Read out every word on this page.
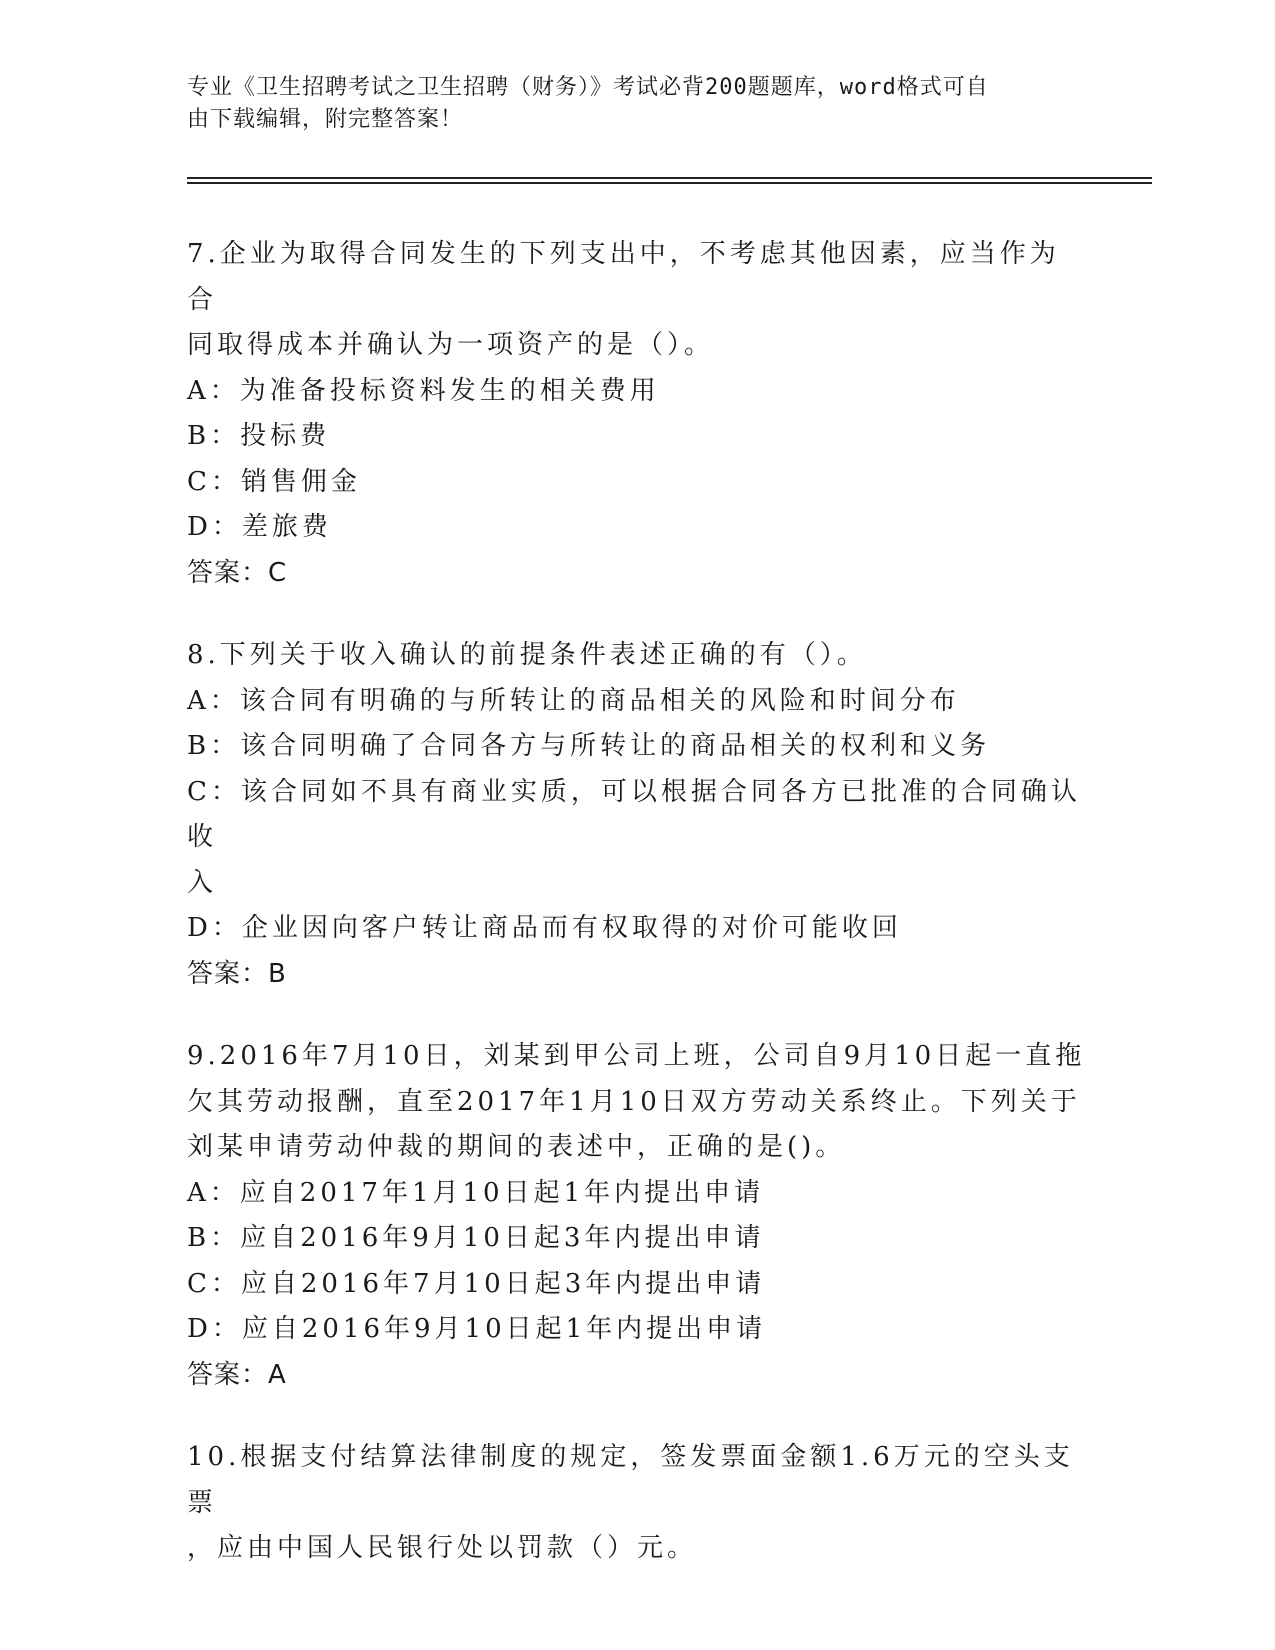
专业《卫生招聘考试之卫生招聘（财务）》考试必背200题题库，word格式可自
由下载编辑，附完整答案！
7.企业为取得合同发生的下列支出中，不考虑其他因素，应当作为合
同取得成本并确认为一项资产的是（）。
A：为准备投标资料发生的相关费用
B：投标费
C：销售佣金
D：差旅费
答案：C
8.下列关于收入确认的前提条件表述正确的有（）。
A：该合同有明确的与所转让的商品相关的风险和时间分布
B：该合同明确了合同各方与所转让的商品相关的权利和义务
C：该合同如不具有商业实质，可以根据合同各方已批准的合同确认收
入
D：企业因向客户转让商品而有权取得的对价可能收回
答案：B
9.2016年7月10日，刘某到甲公司上班，公司自9月10日起一直拖
欠其劳动报酬，直至2017年1月10日双方劳动关系终止。下列关于
刘某申请劳动仲裁的期间的表述中，正确的是()。
A：应自2017年1月10日起1年内提出申请
B：应自2016年9月10日起3年内提出申请
C：应自2016年7月10日起3年内提出申请
D：应自2016年9月10日起1年内提出申请
答案：A
10.根据支付结算法律制度的规定，签发票面金额1.6万元的空头支票
，应由中国人民银行处以罚款（）元。
